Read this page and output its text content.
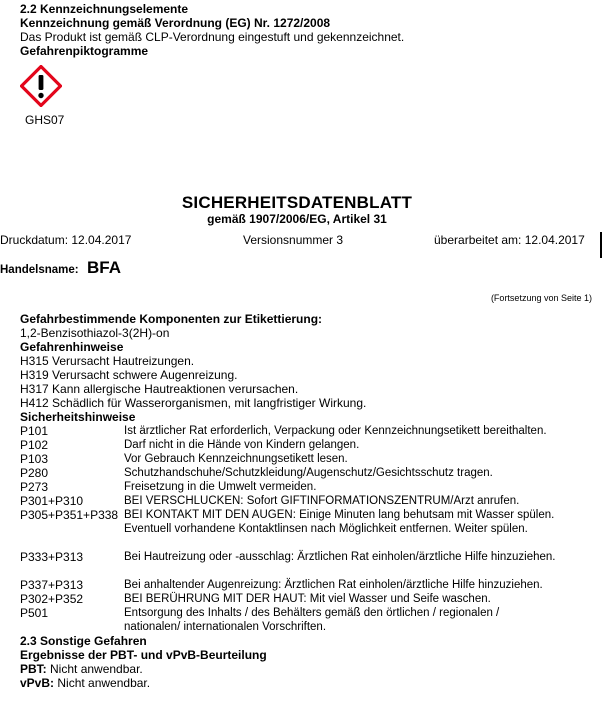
2.2 Kennzeichnungselemente
Kennzeichnung gemäß Verordnung (EG) Nr. 1272/2008
Das Produkt ist gemäß CLP-Verordnung eingestuft und gekennzeichnet.
Gefahrenpiktogramme
GHS07
SICHERHEITSDATENBLATT
gemäß 1907/2006/EG, Artikel 31
Druckdatum: 12.04.2017	Versionsnummer 3	überarbeitet am: 12.04.2017
Handelsname: BFA
(Fortsetzung von Seite 1)
Gefahrbestimmende Komponenten zur Etikettierung:
1,2-Benzisothiazol-3(2H)-on
Gefahrenhinweise
H315 Verursacht Hautreizungen.
H319 Verursacht schwere Augenreizung.
H317 Kann allergische Hautreaktionen verursachen.
H412 Schädlich für Wasserorganismen, mit langfristiger Wirkung.
Sicherheitshinweise
P101	Ist ärztlicher Rat erforderlich, Verpackung oder Kennzeichnungsetikett bereithalten.
P102	Darf nicht in die Hände von Kindern gelangen.
P103	Vor Gebrauch Kennzeichnungsetikett lesen.
P280	Schutzhandschuhe/Schutzkleidung/Augenschutz/Gesichtsschutz tragen.
P273	Freisetzung in die Umwelt vermeiden.
P301+P310	BEI VERSCHLUCKEN: Sofort GIFTINFORMATIONSZENTRUM/Arzt anrufen.
P305+P351+P338 BEI KONTAKT MIT DEN AUGEN: Einige Minuten lang behutsam mit Wasser spülen. Eventuell vorhandene Kontaktlinsen nach Möglichkeit entfernen. Weiter spülen.
P333+P313	Bei Hautreizung oder -ausschlag: Ärztlichen Rat einholen/ärztliche Hilfe hinzuziehen.
P337+P313	Bei anhaltender Augenreizung: Ärztlichen Rat einholen/ärztliche Hilfe hinzuziehen.
P302+P352	BEI BERÜHRUNG MIT DER HAUT: Mit viel Wasser und Seife waschen.
P501	Entsorgung des Inhalts / des Behälters gemäß den örtlichen / regionalen / nationalen/ internationalen Vorschriften.
2.3 Sonstige Gefahren
Ergebnisse der PBT- und vPvB-Beurteilung
PBT: Nicht anwendbar.
vPvB: Nicht anwendbar.
